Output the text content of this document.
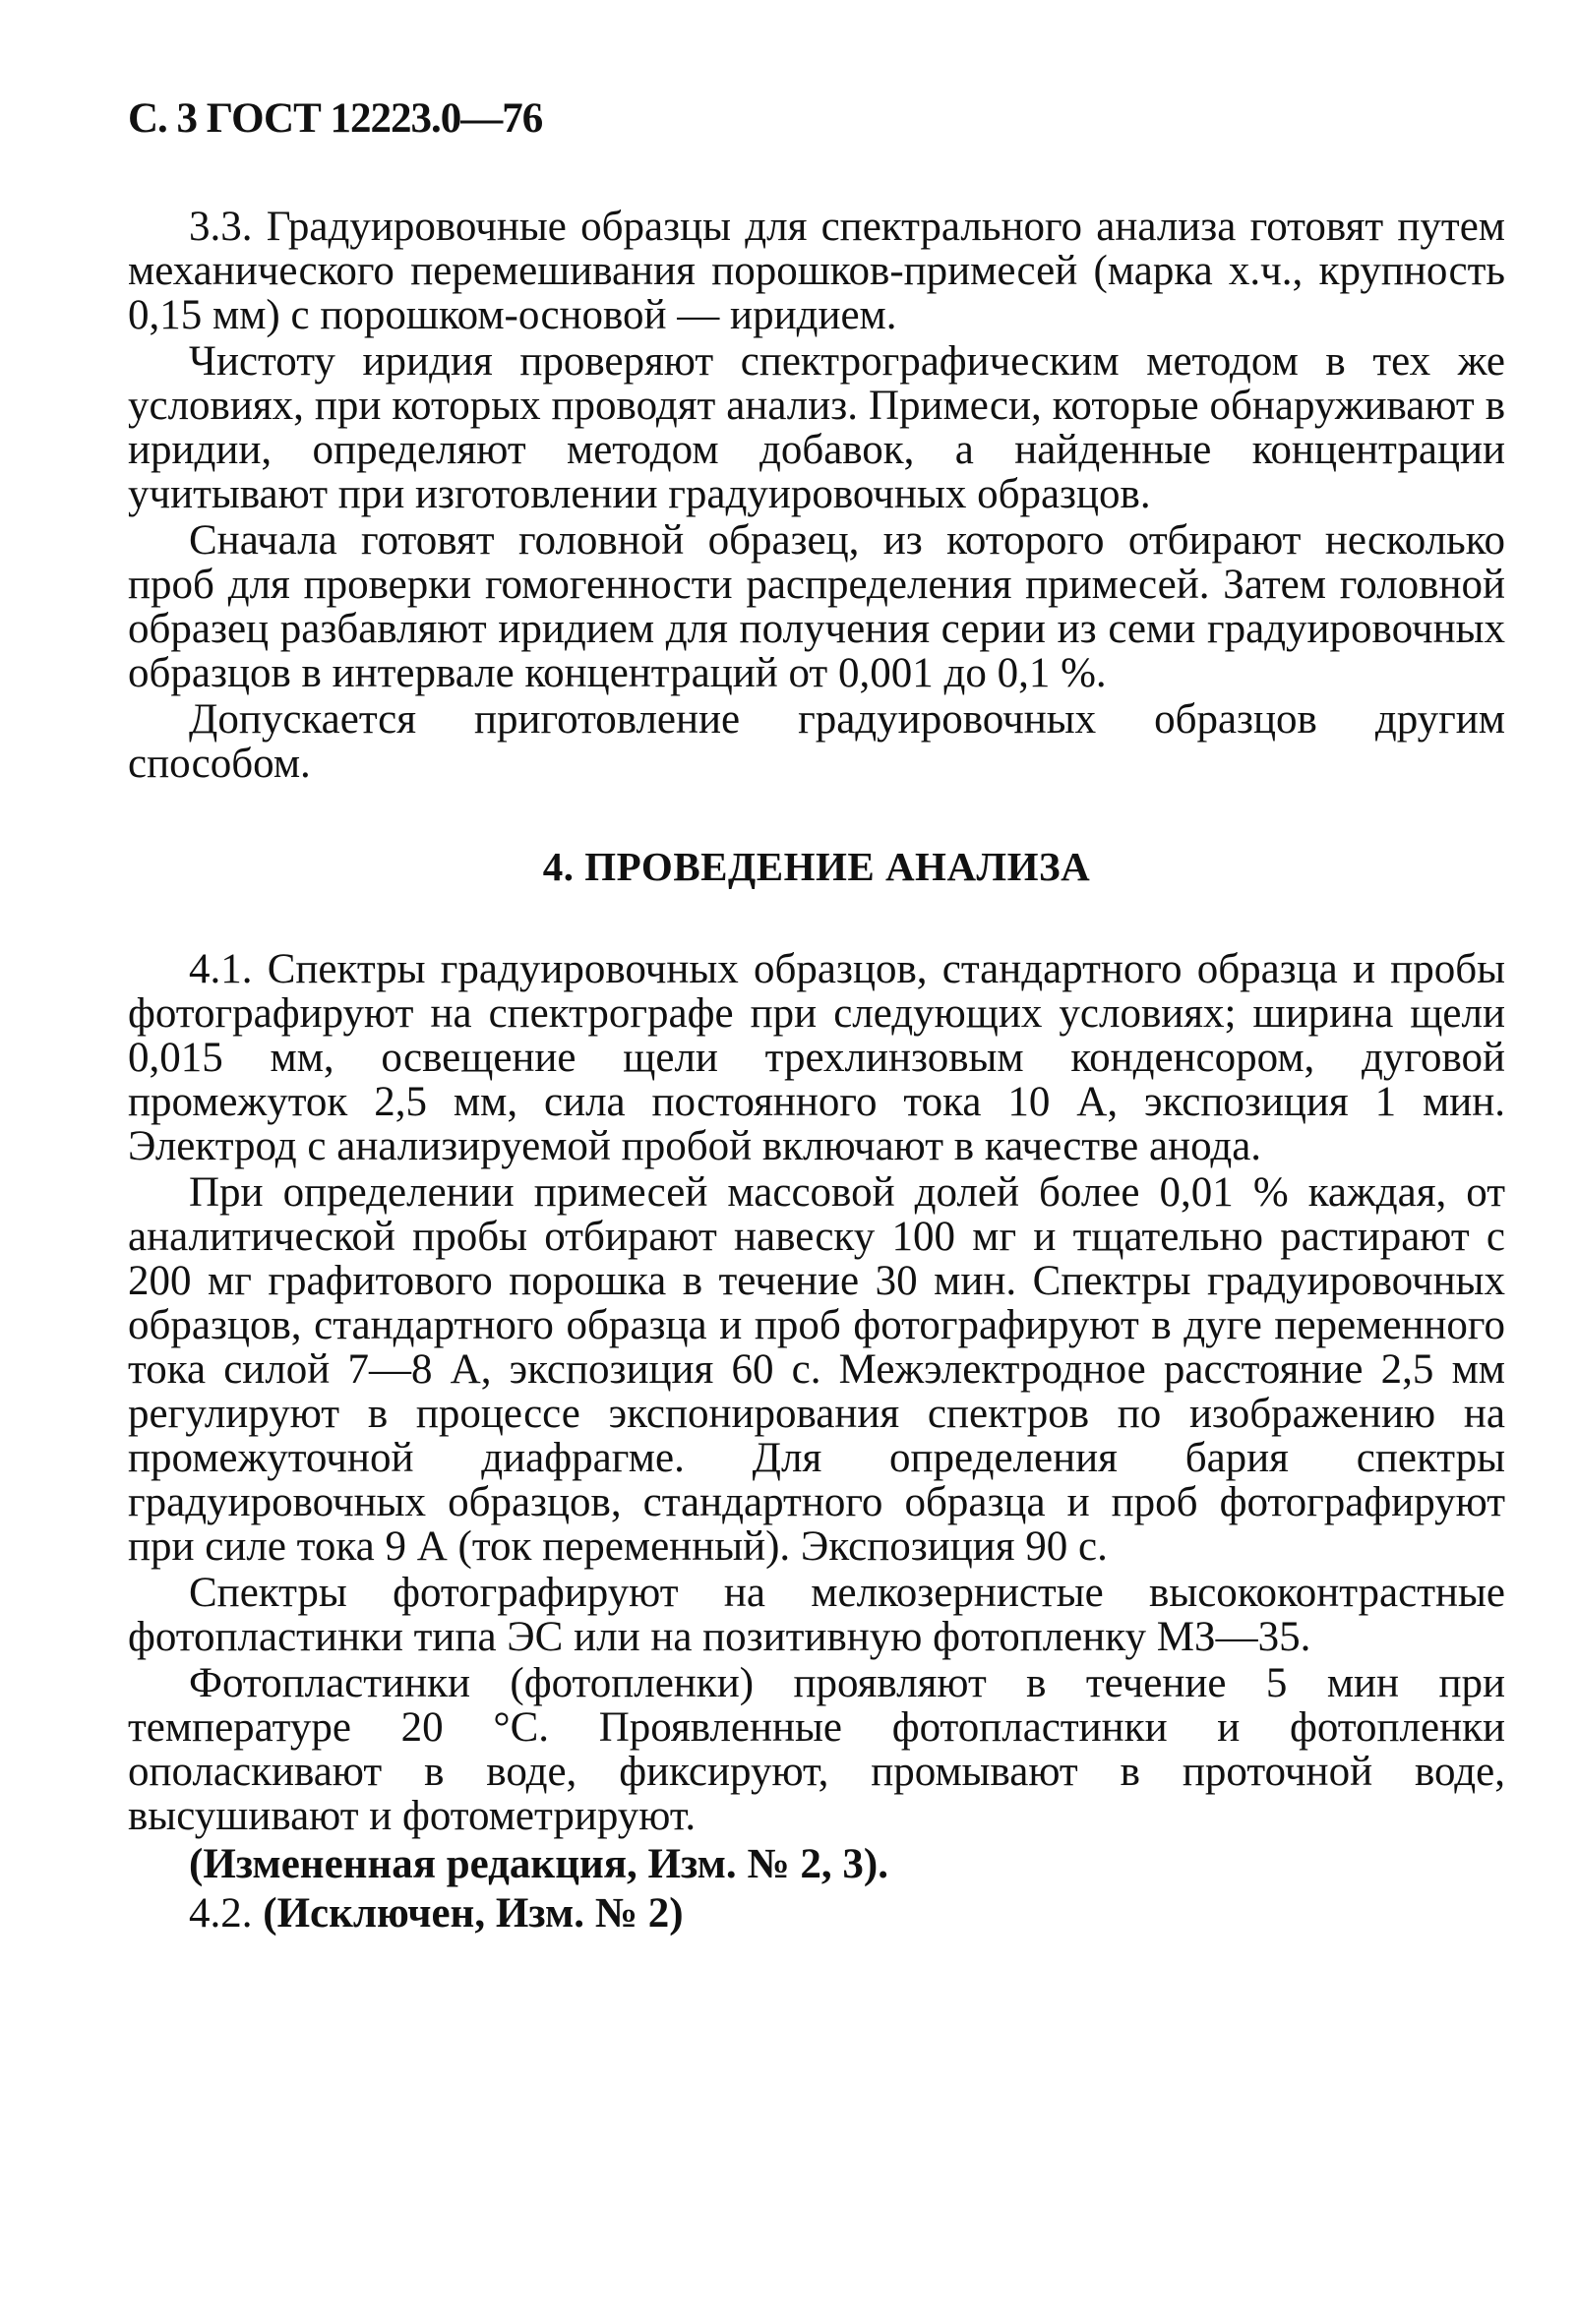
С. 3 ГОСТ 12223.0—76

3.3. Градуировочные образцы для спектрального анализа готовят путем механического перемешивания порошков-примесей (марка х.ч., крупность 0,15 мм) с порошком-основой — иридием.

Чистоту иридия проверяют спектрографическим методом в тех же условиях, при которых проводят анализ. Примеси, которые обнаруживают в иридии, определяют методом добавок, а найденные концентрации учитывают при изготовлении градуировочных образцов.

Сначала готовят головной образец, из которого отбирают несколько проб для проверки гомогенности распределения примесей. Затем головной образец разбавляют иридием для получения серии из семи градуировочных образцов в интервале концентраций от 0,001 до 0,1 %.

Допускается приготовление градуировочных образцов другим способом.

4. ПРОВЕДЕНИЕ АНАЛИЗА

4.1. Спектры градуировочных образцов, стандартного образца и пробы фотографируют на спектрографе при следующих условиях; ширина щели 0,015 мм, освещение щели трехлинзовым конденсором, дуговой промежуток 2,5 мм, сила постоянного тока 10 А, экспозиция 1 мин. Электрод с анализируемой пробой включают в качестве анода.

При определении примесей массовой долей более 0,01 % каждая, от аналитической пробы отбирают навеску 100 мг и тщательно растирают с 200 мг графитового порошка в течение 30 мин. Спектры градуировочных образцов, стандартного образца и проб фотографируют в дуге переменного тока силой 7—8 А, экспозиция 60 с. Межэлектродное расстояние 2,5 мм регулируют в процессе экспонирования спектров по изображению на промежуточной диафрагме. Для определения бария спектры градуировочных образцов, стандартного образца и проб фотографируют при силе тока 9 А (ток переменный). Экспозиция 90 с.

Спектры фотографируют на мелкозернистые высококонтрастные фотопластинки типа ЭС или на позитивную фотопленку МЗ—35.

Фотопластинки (фотопленки) проявляют в течение 5 мин при температуре 20 °С. Проявленные фотопластинки и фотопленки ополаскивают в воде, фиксируют, промывают в проточной воде, высушивают и фотометрируют.

(Измененная редакция, Изм. № 2, 3).

4.2. (Исключен, Изм. № 2)
